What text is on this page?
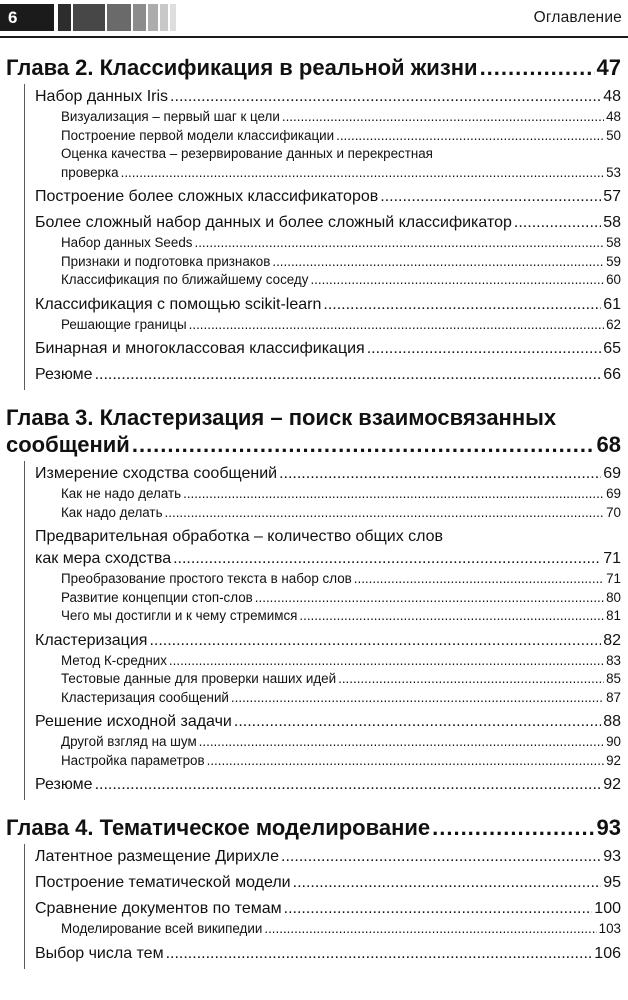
6	Оглавление
Глава 2. Классификация в реальной жизни .....	47
Набор данных Iris .....	48
Визуализация – первый шаг к цели .....	48
Построение первой модели классификации .....	50
Оценка качества – резервирование данных и перекрестная
проверка .....	53
Построение более сложных классификаторов .....	57
Более сложный набор данных и более сложный классификатор .....	58
Набор данных Seeds .....	58
Признаки и подготовка признаков .....	59
Классификация по ближайшему соседу .....	60
Классификация с помощью scikit-learn .....	61
Решающие границы .....	62
Бинарная и многоклассовая классификация .....	65
Резюме .....	66
Глава 3. Кластеризация – поиск взаимосвязанных
сообщений .....	68
Измерение сходства сообщений .....	69
Как не надо делать .....	69
Как надо делать .....	70
Предварительная обработка – количество общих слов
как мера сходства .....	71
Преобразование простого текста в набор слов .....	71
Развитие концепции стоп-слов .....	80
Чего мы достигли и к чему стремимся .....	81
Кластеризация .....	82
Метод К-средних .....	83
Тестовые данные для проверки наших идей .....	85
Кластеризация сообщений .....	87
Решение исходной задачи .....	88
Другой взгляд на шум .....	90
Настройка параметров .....	92
Резюме .....	92
Глава 4. Тематическое моделирование .....	93
Латентное размещение Дирихле .....	93
Построение тематической модели .....	95
Сравнение документов по темам .....	100
Моделирование всей википедии .....	103
Выбор числа тем .....	106
